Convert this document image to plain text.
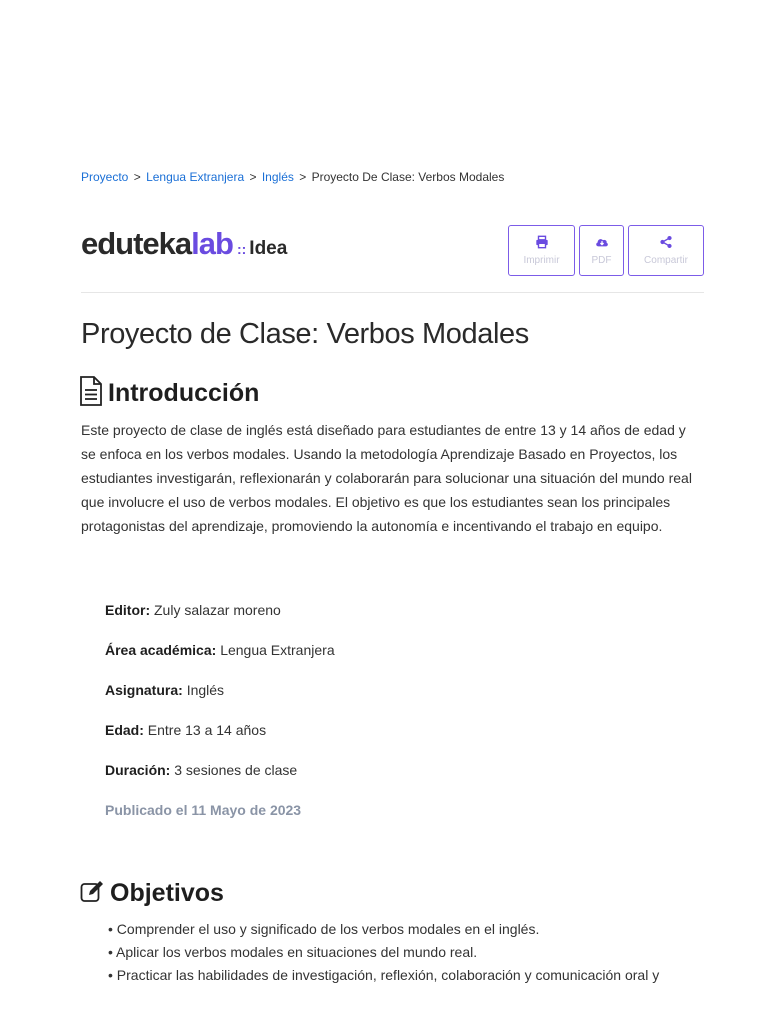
Proyecto > Lengua Extranjera > Inglés > Proyecto De Clase: Verbos Modales
eduteka lab :: Idea
Imprimir	PDF	Compartir
Proyecto de Clase: Verbos Modales
Introducción

Este proyecto de clase de inglés está diseñado para estudiantes de entre 13 y 14 años de edad y se enfoca en los verbos modales. Usando la metodología Aprendizaje Basado en Proyectos, los estudiantes investigarán, reflexionarán y colaborarán para solucionar una situación del mundo real que involucre el uso de verbos modales. El objetivo es que los estudiantes sean los principales protagonistas del aprendizaje, promoviendo la autonomía e incentivando el trabajo en equipo.

Editor: Zuly salazar moreno
Área académica: Lengua Extranjera
Asignatura: Inglés
Edad: Entre 13 a 14 años
Duración: 3 sesiones de clase
Publicado el 11 Mayo de 2023
Objetivos
• Comprender el uso y significado de los verbos modales en el inglés.
• Aplicar los verbos modales en situaciones del mundo real.
• Practicar las habilidades de investigación, reflexión, colaboración y comunicación oral y
